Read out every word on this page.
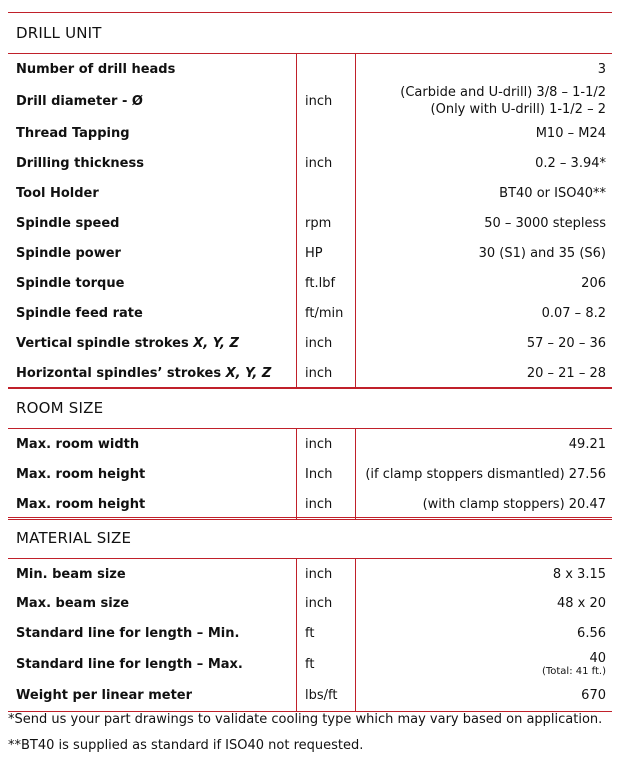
DRILL UNIT
Number of drill heads		3

Drill diameter - Ø	inch	(Carbide and U-drill) 3/8 – 1-1/2
(Only with U-drill) 1-1/2 – 2

Thread Tapping		M10 – M24

Drilling thickness	inch	0.2 – 3.94*

Tool Holder		BT40 or ISO40**

Spindle speed	rpm	50 – 3000 stepless

Spindle power	HP	30 (S1) and 35 (S6)

Spindle torque	ft.lbf	206

Spindle feed rate	ft/min	0.07 – 8.2

Vertical spindle strokes X, Y, Z	inch	57 – 20 – 36

Horizontal spindles’ strokes X, Y, Z	inch	20 – 21 – 28
ROOM SIZE
Max. room width	inch	49.21

Max. room height	Inch	(if clamp stoppers dismantled) 27.56

Max. room height	inch	(with clamp stoppers) 20.47
MATERIAL SIZE
Min. beam size	inch	8 x 3.15

Max. beam size	inch	48 x 20

Standard line for length – Min.	ft	6.56

Standard line for length – Max.	ft	40
(Total: 41 ft.)

Weight per linear meter	lbs/ft	670
*Send us your part drawings to validate cooling type which may vary based on application.
**BT40 is supplied as standard if ISO40 not requested.
